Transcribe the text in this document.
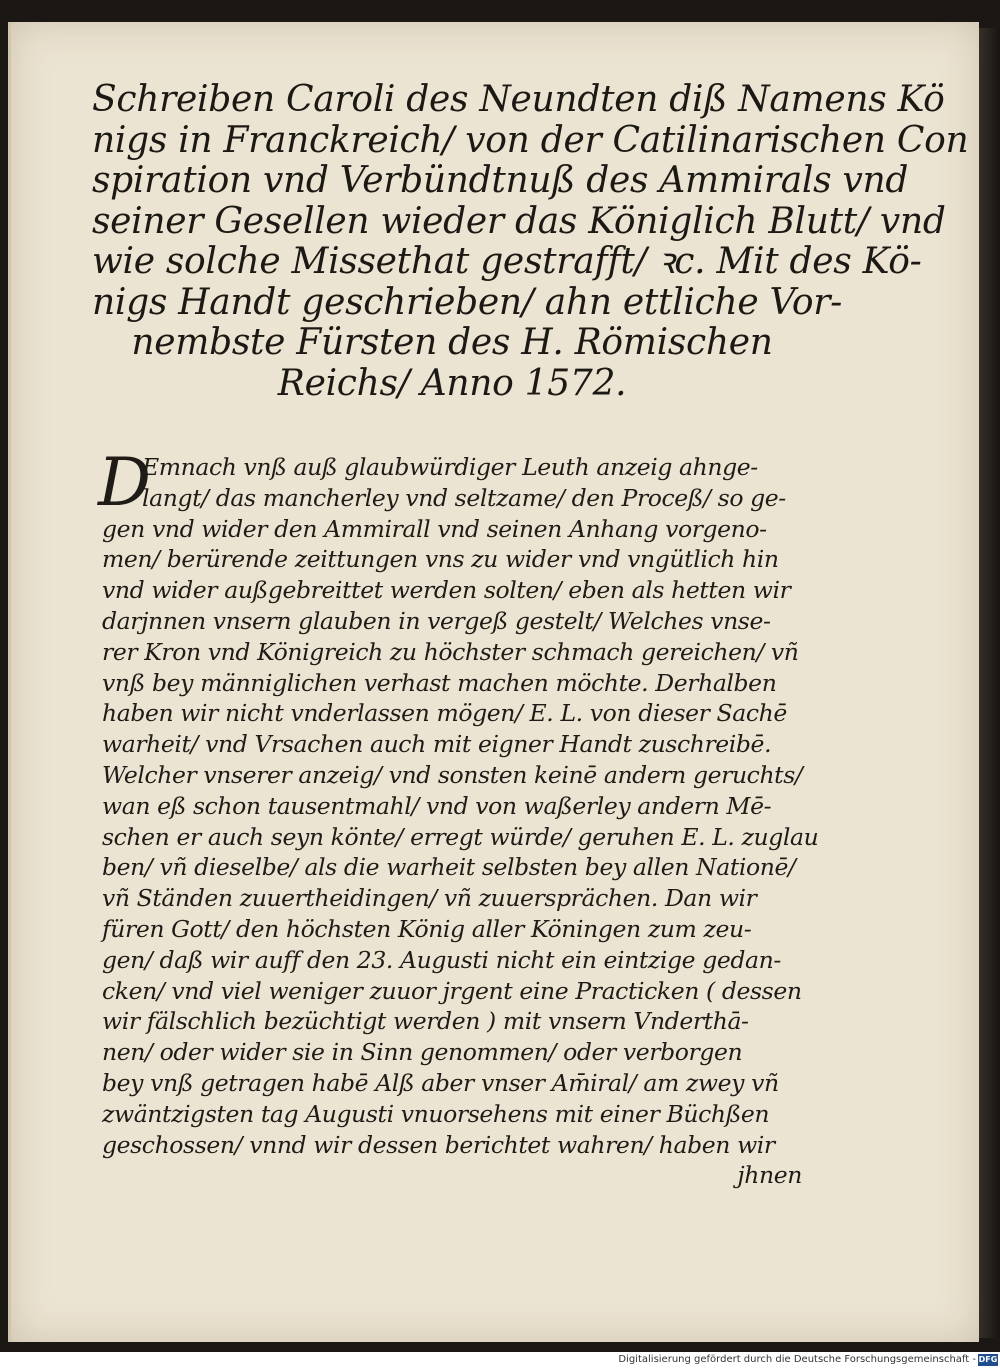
Schreiben Caroli des Neundten diß Namens Kö
nigs in Franckreich/ von der Catilinarischen Con
spiration vnd Verbündtnuß des Ammirals vnd
seiner Gesellen wieder das Königlich Blutt/ vnd
wie solche Missethat gestrafft/ ꝛc. Mit des Kö-
nigs Handt geschrieben/ ahn ettliche Vor-
nembste Fürsten des H. Römischen
Reichs/ Anno 1572.
D
Emnach vnß auß glaubwürdiger Leuth anzeig ahnge-
langt/ das mancherley vnd seltzame/ den Proceß/ so ge-
gen vnd wider den Ammirall vnd seinen Anhang vorgeno-
men/ berürende zeittungen vns zu wider vnd vngütlich hin
vnd wider außgebreittet werden solten/ eben als hetten wir
darjnnen vnsern glauben in vergeß gestelt/ Welches vnse-
rer Kron vnd Königreich zu höchster schmach gereichen/ vñ
vnß bey männiglichen verhast machen möchte. Derhalben
haben wir nicht vnderlassen mögen/ E. L. von dieser Sachē
warheit/ vnd Vrsachen auch mit eigner Handt zuschreibē.
Welcher vnserer anzeig/ vnd sonsten keinē andern geruchts/
wan eß schon tausentmahl/ vnd von waßerley andern Mē-
schen er auch seyn könte/ erregt würde/ geruhen E. L. zuglau
ben/ vñ dieselbe/ als die warheit selbsten bey allen Nationē/
vñ Ständen zuuertheidingen/ vñ zuuersprächen. Dan wir
füren Gott/ den höchsten König aller Köningen zum zeu-
gen/ daß wir auff den 23. Augusti nicht ein eintzige gedan-
cken/ vnd viel weniger zuuor jrgent eine Practicken ( dessen
wir fälschlich bezüchtigt werden ) mit vnsern Vnderthā-
nen/ oder wider sie in Sinn genommen/ oder verborgen
bey vnß getragen habē Alß aber vnser Am̄iral/ am zwey vñ
zwäntzigsten tag Augusti vnuorsehens mit einer Büchßen
geschossen/ vnnd wir dessen berichtet wahren/ haben wir
jhnen
Digitalisierung gefördert durch die Deutsche Forschungsgemeinschaft - DFG
